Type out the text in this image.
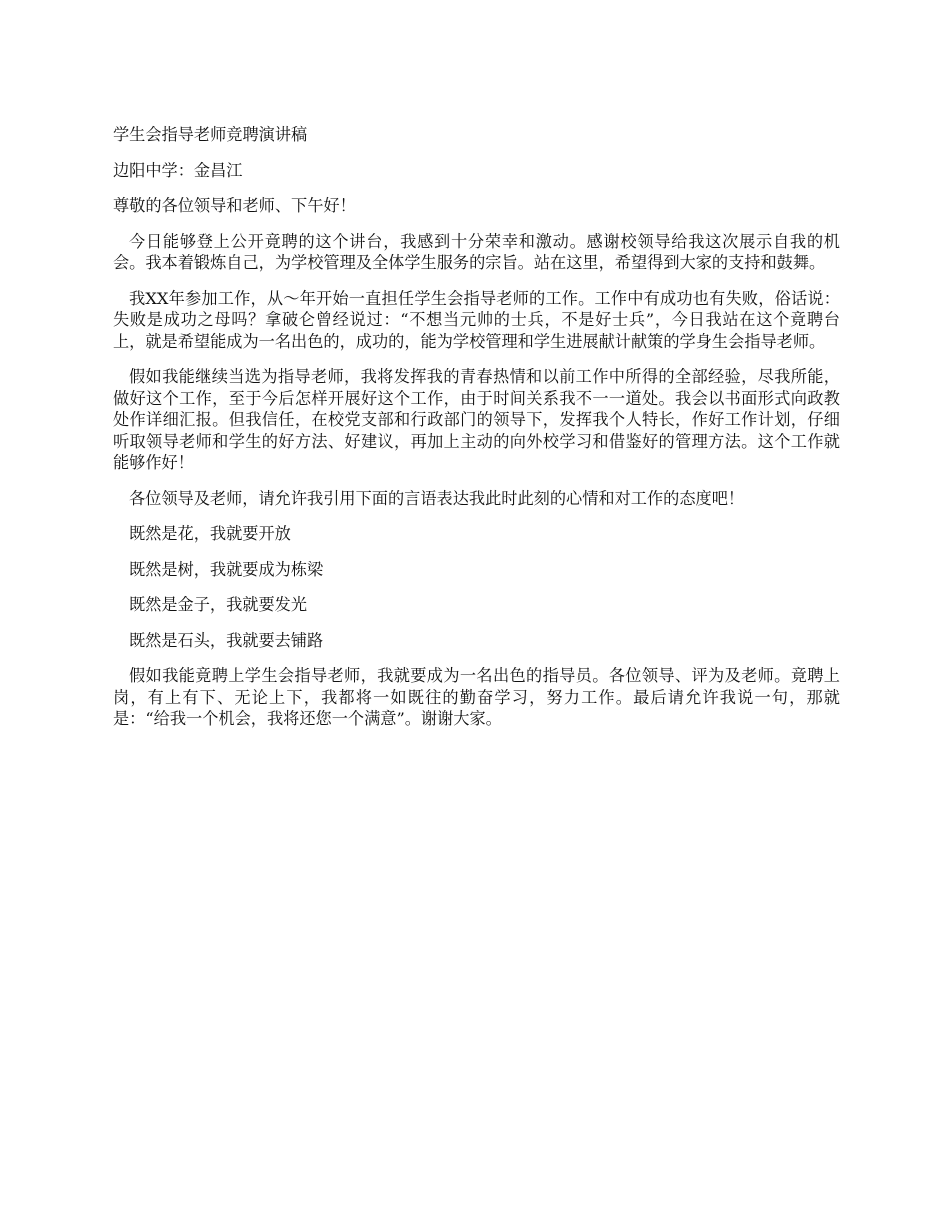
学生会指导老师竞聘演讲稿

边阳中学：金昌江

尊敬的各位领导和老师、下午好！

今日能够登上公开竟聘的这个讲台，我感到十分荣幸和激动。感谢校领导给我这次展示自我的机会。我本着锻炼自己，为学校管理及全体学生服务的宗旨。站在这里，希望得到大家的支持和鼓舞。

我XX年参加工作，从～年开始一直担任学生会指导老师的工作。工作中有成功也有失败，俗话说：失败是成功之母吗？拿破仑曾经说过：“不想当元帅的士兵，不是好士兵”，今日我站在这个竟聘台上，就是希望能成为一名出色的，成功的，能为学校管理和学生进展献计献策的学身生会指导老师。

假如我能继续当选为指导老师，我将发挥我的青春热情和以前工作中所得的全部经验，尽我所能，做好这个工作，至于今后怎样开展好这个工作，由于时间关系我不一一道处。我会以书面形式向政教处作详细汇报。但我信任，在校党支部和行政部门的领导下，发挥我个人特长，作好工作计划，仔细听取领导老师和学生的好方法、好建议，再加上主动的向外校学习和借鉴好的管理方法。这个工作就能够作好！

各位领导及老师，请允许我引用下面的言语表达我此时此刻的心情和对工作的态度吧！

既然是花，我就要开放

既然是树，我就要成为栋梁

既然是金子，我就要发光

既然是石头，我就要去铺路

假如我能竟聘上学生会指导老师，我就要成为一名出色的指导员。各位领导、评为及老师。竟聘上岗，有上有下、无论上下，我都将一如既往的勤奋学习，努力工作。最后请允许我说一句，那就是：“给我一个机会，我将还您一个满意”。谢谢大家。
